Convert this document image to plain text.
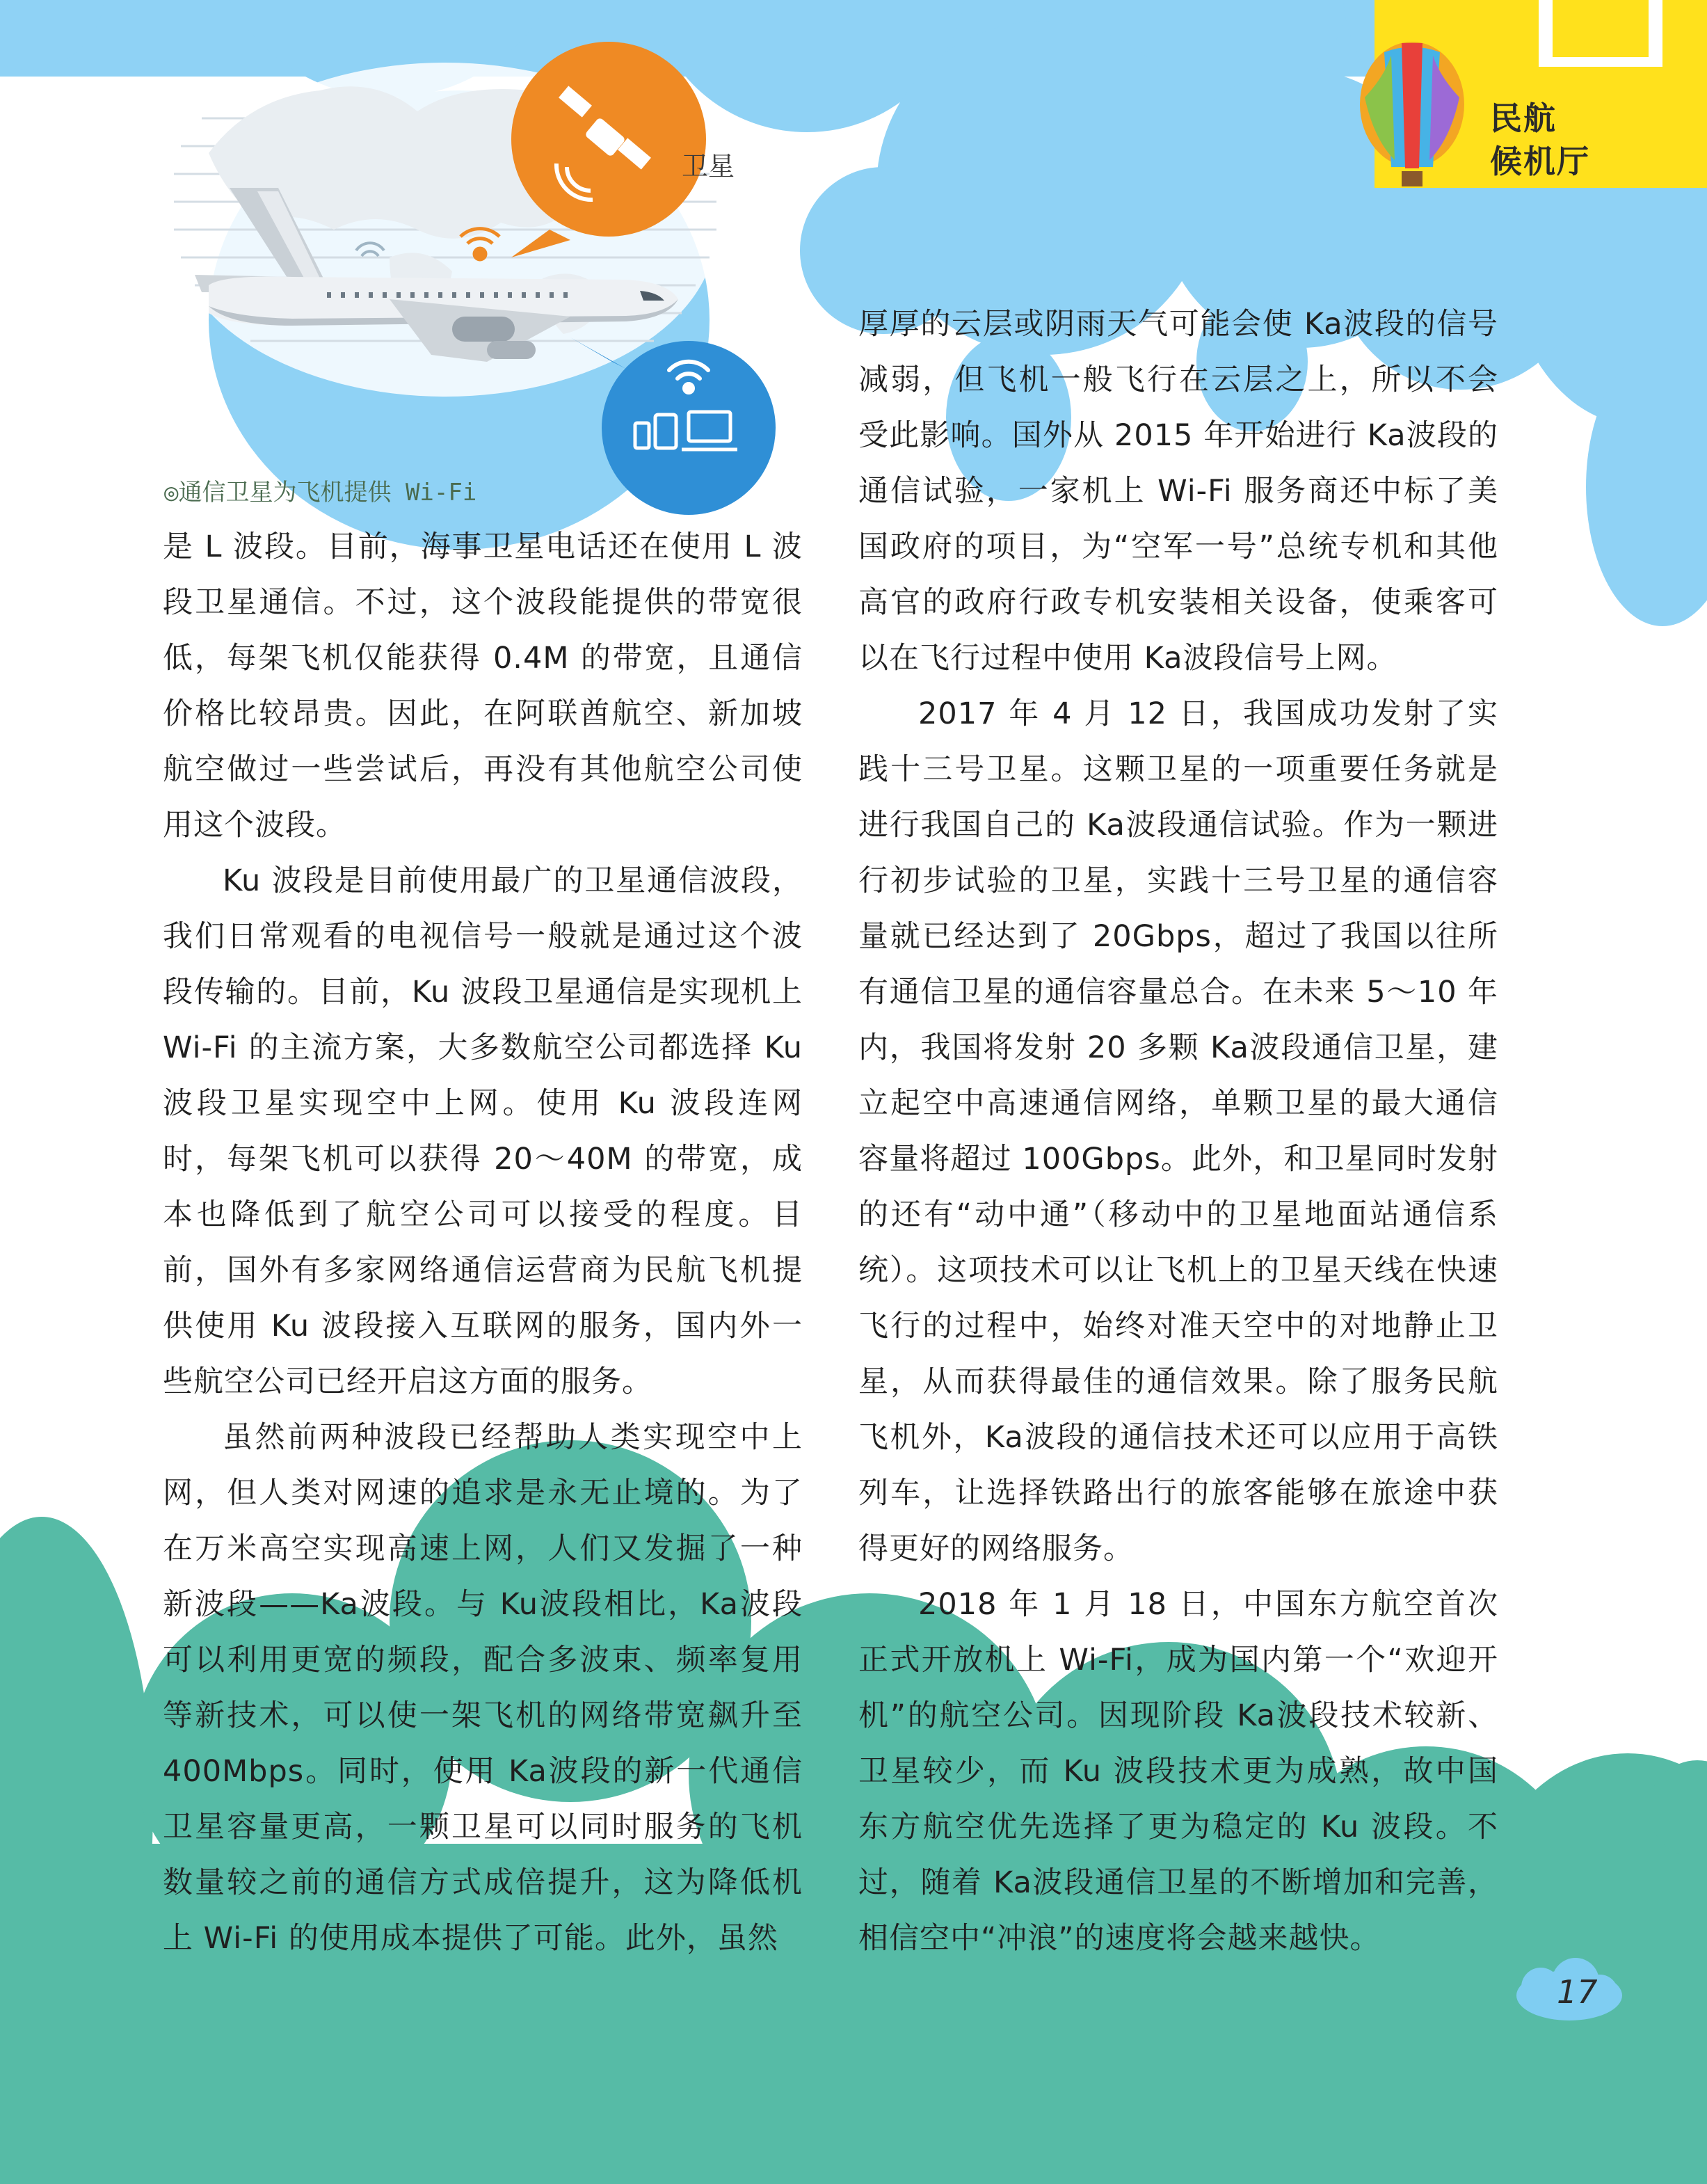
卫星
◎通信卫星为飞机提供 Wi-Fi
民航
候机厅

是 L 波段。目前，海事卫星电话还在使用 L 波段卫星通信。不过，这个波段能提供的带宽很低，每架飞机仅能获得 0.4M 的带宽，且通信价格比较昂贵。因此，在阿联酋航空、新加坡航空做过一些尝试后，再没有其他航空公司使用这个波段。

Ku 波段是目前使用最广的卫星通信波段，我们日常观看的电视信号一般就是通过这个波段传输的。目前，Ku 波段卫星通信是实现机上 Wi-Fi 的主流方案，大多数航空公司都选择 Ku 波段卫星实现空中上网。使用 Ku 波段连网时，每架飞机可以获得 20～40M 的带宽，成本也降低到了航空公司可以接受的程度。目前，国外有多家网络通信运营商为民航飞机提供使用 Ku 波段接入互联网的服务，国内外一些航空公司已经开启这方面的服务。

虽然前两种波段已经帮助人类实现空中上网，但人类对网速的追求是永无止境的。为了在万米高空实现高速上网，人们又发掘了一种新波段——Ka波段。与 Ku波段相比，Ka波段可以利用更宽的频段，配合多波束、频率复用等新技术，可以使一架飞机的网络带宽飙升至 400Mbps。同时，使用 Ka波段的新一代通信卫星容量更高，一颗卫星可以同时服务的飞机数量较之前的通信方式成倍提升，这为降低机上 Wi-Fi 的使用成本提供了可能。此外，虽然

厚厚的云层或阴雨天气可能会使 Ka波段的信号减弱，但飞机一般飞行在云层之上，所以不会受此影响。国外从 2015 年开始进行 Ka波段的通信试验，一家机上 Wi-Fi 服务商还中标了美国政府的项目，为“空军一号”总统专机和其他高官的政府行政专机安装相关设备，使乘客可以在飞行过程中使用 Ka波段信号上网。

2017 年 4 月 12 日，我国成功发射了实践十三号卫星。这颗卫星的一项重要任务就是进行我国自己的 Ka波段通信试验。作为一颗进行初步试验的卫星，实践十三号卫星的通信容量就已经达到了 20Gbps，超过了我国以往所有通信卫星的通信容量总合。在未来 5～10 年内，我国将发射 20 多颗 Ka波段通信卫星，建立起空中高速通信网络，单颗卫星的最大通信容量将超过 100Gbps。此外，和卫星同时发射的还有“动中通”（移动中的卫星地面站通信系统）。这项技术可以让飞机上的卫星天线在快速飞行的过程中，始终对准天空中的对地静止卫星，从而获得最佳的通信效果。除了服务民航飞机外，Ka波段的通信技术还可以应用于高铁列车，让选择铁路出行的旅客能够在旅途中获得更好的网络服务。

2018 年 1 月 18 日，中国东方航空首次正式开放机上 Wi-Fi，成为国内第一个“欢迎开机”的航空公司。因现阶段 Ka波段技术较新、卫星较少，而 Ku 波段技术更为成熟，故中国东方航空优先选择了更为稳定的 Ku 波段。不过，随着 Ka波段通信卫星的不断增加和完善，相信空中“冲浪”的速度将会越来越快。

17
